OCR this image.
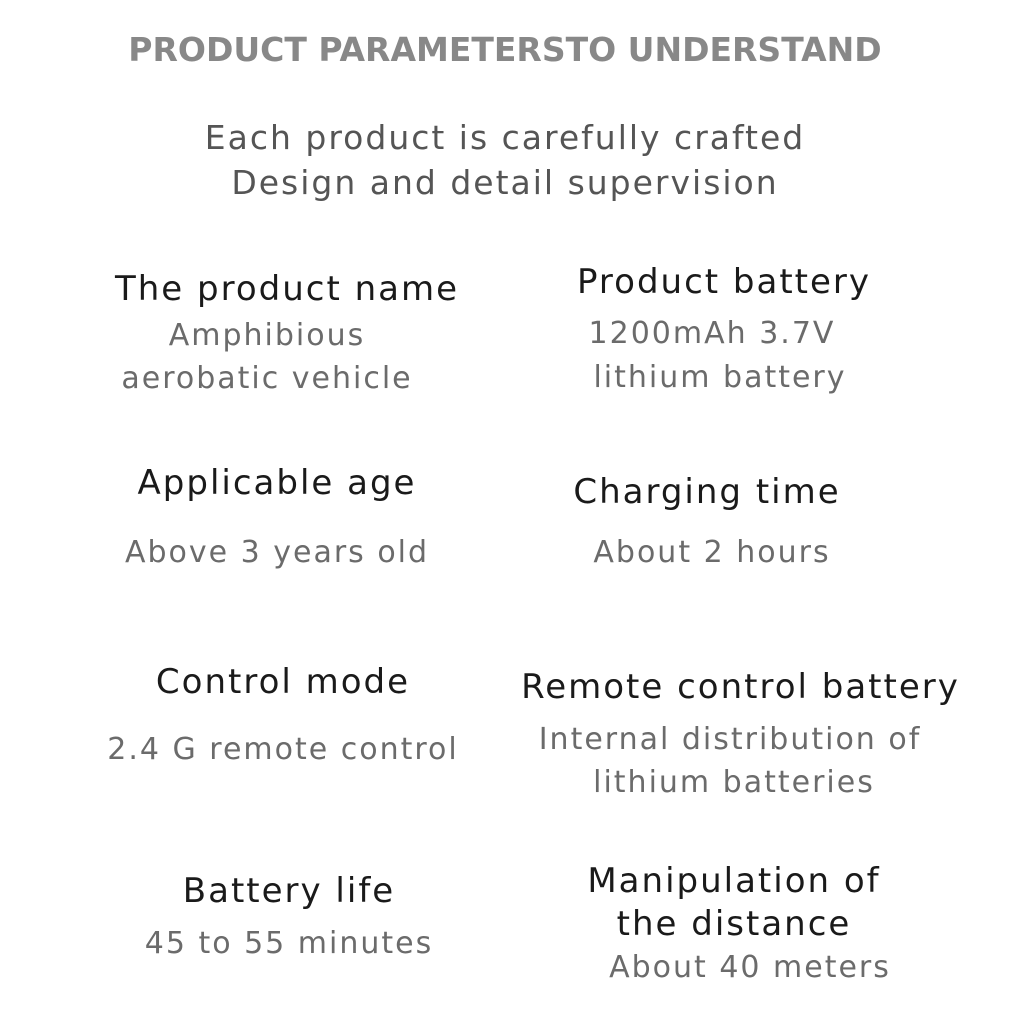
PRODUCT PARAMETERSTO UNDERSTAND
Each product is carefully crafted
Design and detail supervision
The product name
Amphibious
aerobatic vehicle
Product battery
1200mAh 3.7V
lithium battery
Applicable age
Above 3 years old
Charging time
About 2 hours
Control mode
2.4 G remote control
Remote control battery
Internal distribution of
lithium batteries
Battery life
45 to 55 minutes
Manipulation of
the distance
About 40 meters
